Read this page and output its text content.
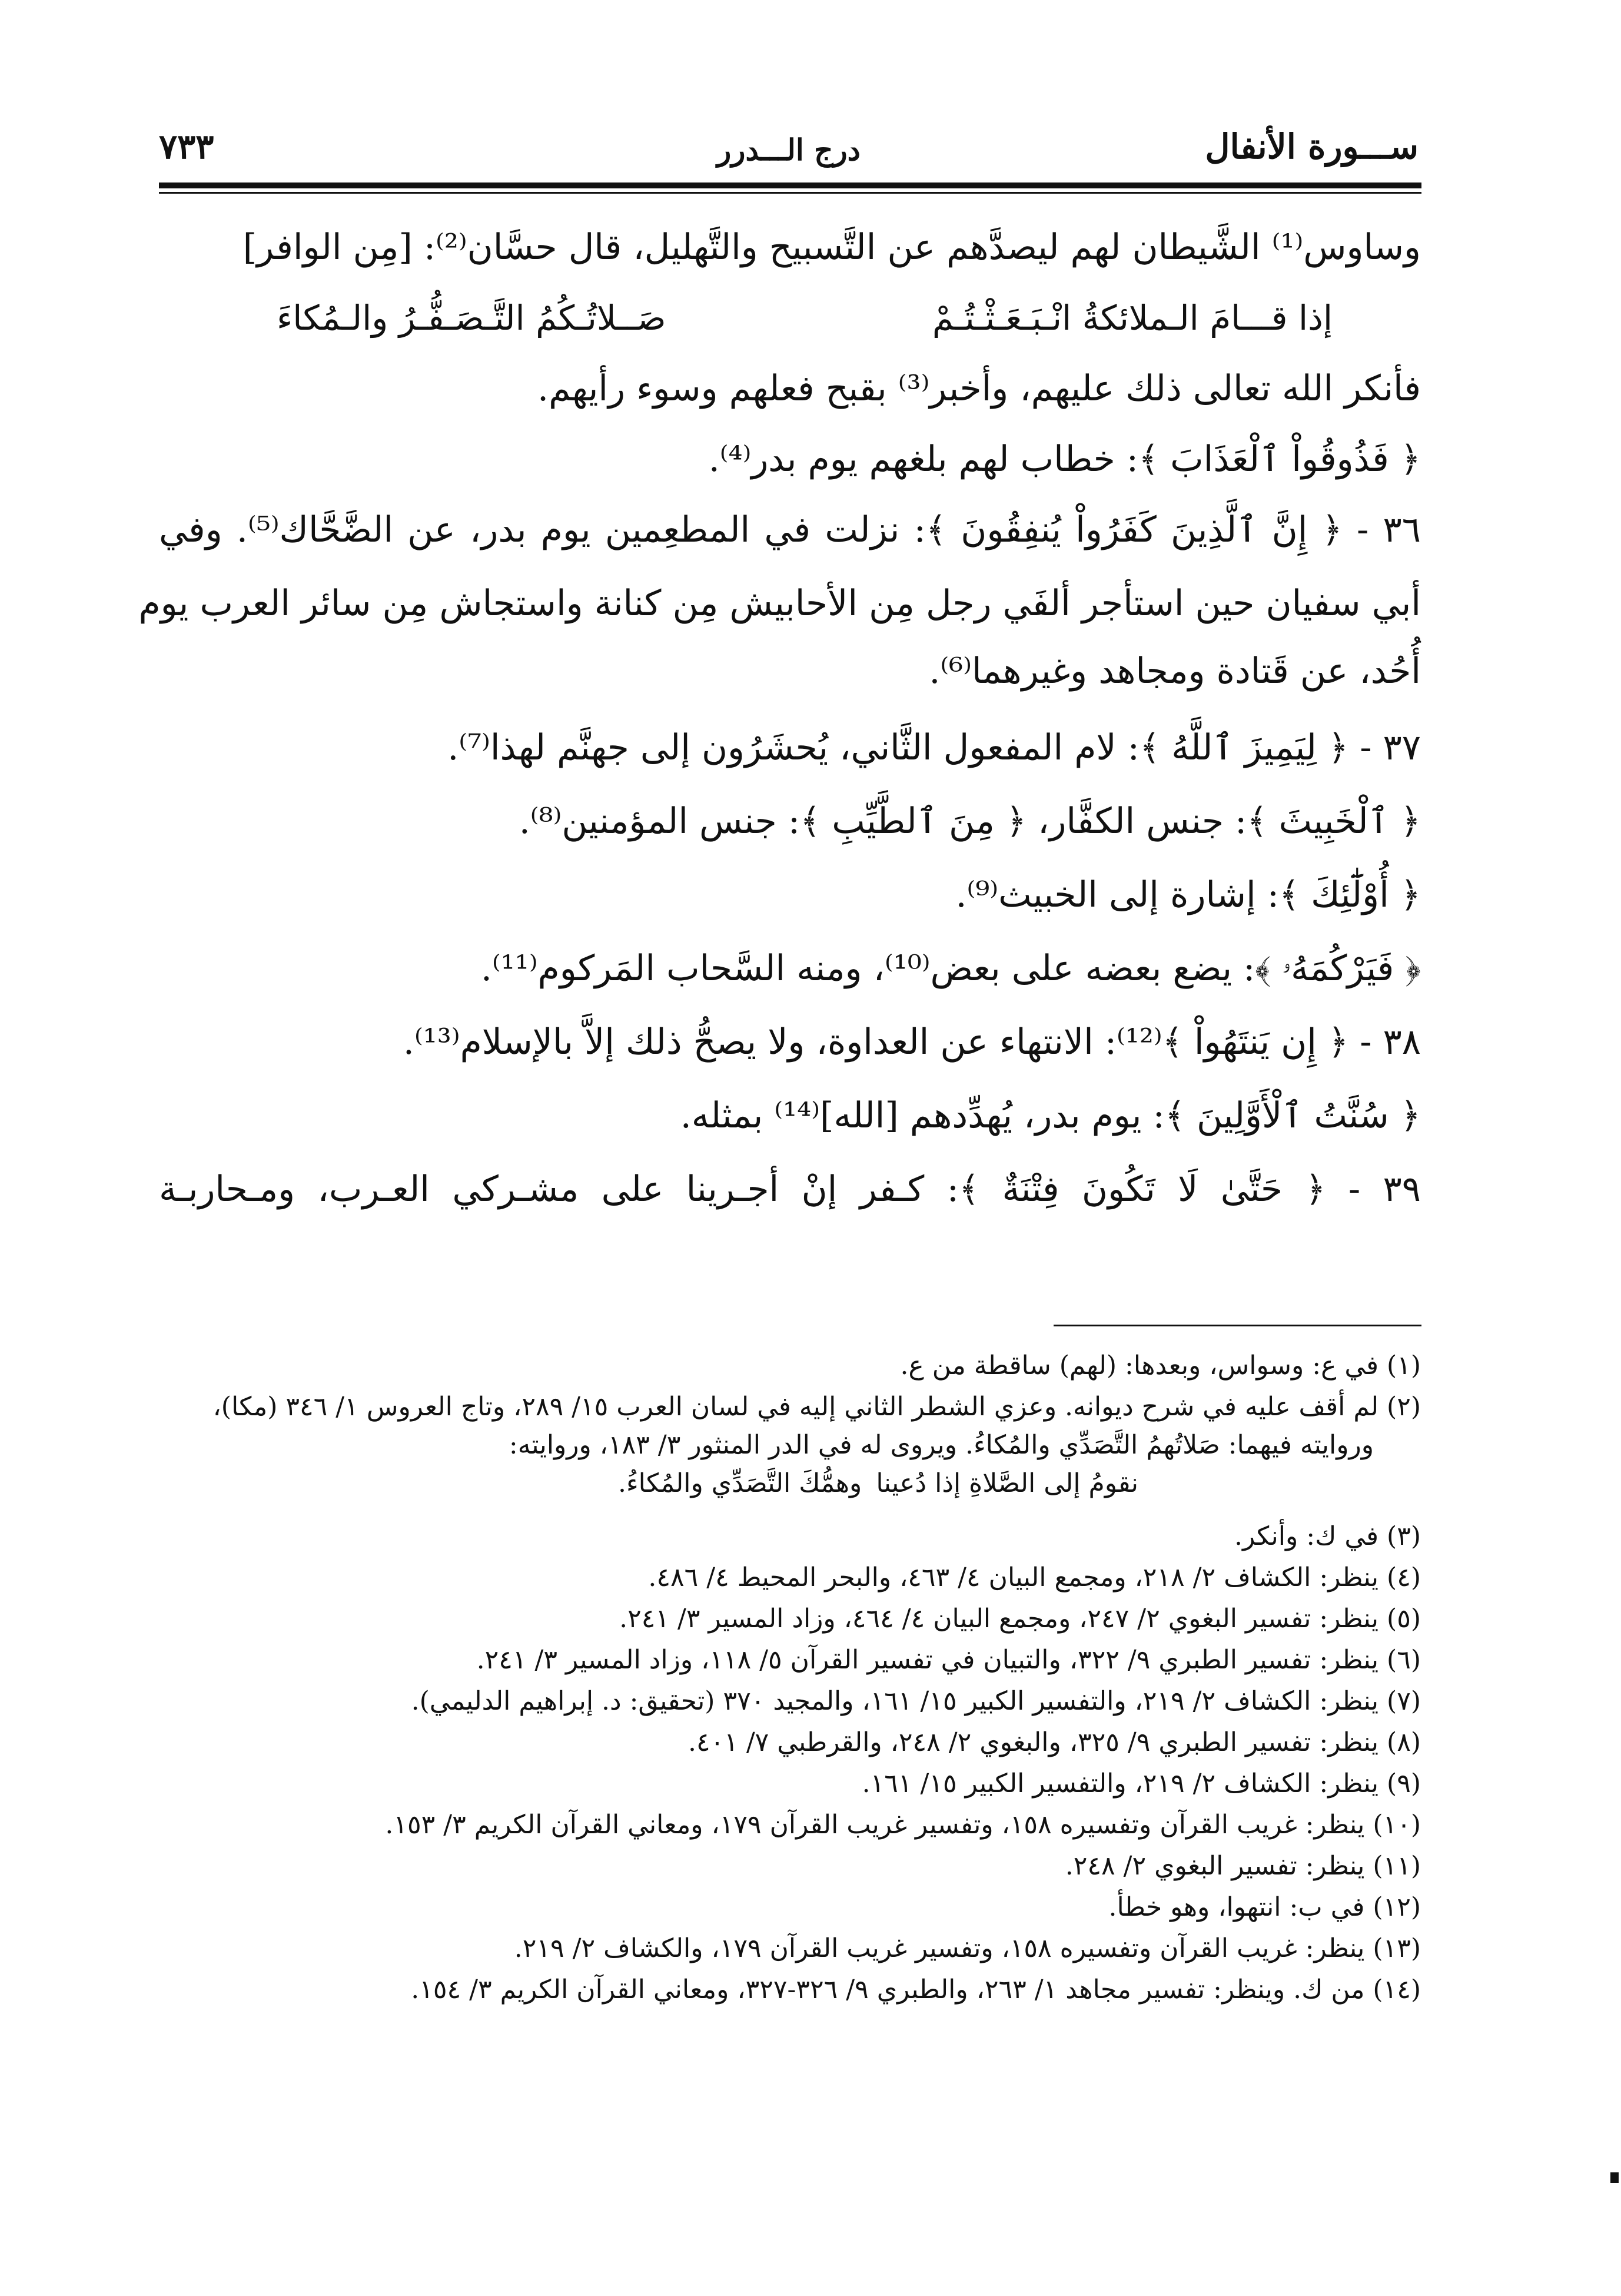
ســـورة الأنفال
درج الـــدرر
٧٣٣
وساوس⁽¹⁾ الشَّيطان لهم ليصدَّهم عن التَّسبيح والتَّهليل، قال حسَّان⁽²⁾: [مِن الوافر]
إذا قـــامَ الـملائكةُ انْـبَـعَـثْـتُـمْ
صَــلاتُـكُمُ التَّـصَـفُّـرُ والـمُكاءَ
فأنكر الله تعالى ذلك عليهم، وأخبر⁽³⁾ بقبح فعلهم وسوء رأيهم.
﴿ فَذُوقُواْ ٱلْعَذَابَ ﴾: خطاب لهم بلغهم يوم بدر⁽⁴⁾.
٣٦ - ﴿ إِنَّ ٱلَّذِينَ كَفَرُواْ يُنفِقُونَ ﴾: نزلت في المطعِمين يوم بدر، عن الضَّحَّاك⁽⁵⁾. وفي
أبي سفيان حين استأجر ألفَي رجل مِن الأحابيش مِن كنانة واستجاش مِن سائر العرب يوم
أُحُد، عن قَتادة ومجاهد وغيرهما⁽⁶⁾.
٣٧ - ﴿ لِيَمِيزَ ٱللَّهُ ﴾: لام المفعول الثَّاني، يُحشَرُون إلى جهنَّم لهذا⁽⁷⁾.
﴿ ٱلْخَبِيثَ ﴾: جنس الكفَّار، ﴿ مِنَ ٱلطَّيِّبِ ﴾: جنس المؤمنين⁽⁸⁾.
﴿ أُوْلَٰٓئِكَ ﴾: إشارة إلى الخبيث⁽⁹⁾.
﴿ فَيَرْكُمَهُۥ ﴾: يضع بعضه على بعض⁽¹⁰⁾، ومنه السَّحاب المَركوم⁽¹¹⁾.
٣٨ - ﴿ إِن يَنتَهُواْ ﴾⁽¹²⁾: الانتهاء عن العداوة، ولا يصحُّ ذلك إلاَّ بالإسلام⁽¹³⁾.
﴿ سُنَّتُ ٱلْأَوَّلِينَ ﴾: يوم بدر، يُهدِّدهم [الله]⁽¹⁴⁾ بمثله.
٣٩ - ﴿ حَتَّىٰ لَا تَكُونَ فِتْنَةٌ ﴾: كـفر إنْ أجـرينا على مشـركي العـرب، ومـحاربـة
(١) في ع: وسواس، وبعدها: (لهم) ساقطة من ع.
(٢) لم أقف عليه في شرح ديوانه. وعزي الشطر الثاني إليه في لسان العرب ١٥/ ٢٨٩، وتاج العروس ١/ ٣٤٦ (مكا)،
وروايته فيهما: صَلاتُهمُ التَّصَدِّي والمُكاءُ. ويروى له في الدر المنثور ٣/ ١٨٣، وروايته:
نقومُ إلى الصَّلاةِ إذا دُعينا
وهمُّكَ التَّصَدِّي والمُكاءُ.
(٣) في ك: وأنكر.
(٤) ينظر: الكشاف ٢/ ٢١٨، ومجمع البيان ٤/ ٤٦٣، والبحر المحيط ٤/ ٤٨٦.
(٥) ينظر: تفسير البغوي ٢/ ٢٤٧، ومجمع البيان ٤/ ٤٦٤، وزاد المسير ٣/ ٢٤١.
(٦) ينظر: تفسير الطبري ٩/ ٣٢٢، والتبيان في تفسير القرآن ٥/ ١١٨، وزاد المسير ٣/ ٢٤١.
(٧) ينظر: الكشاف ٢/ ٢١٩، والتفسير الكبير ١٥/ ١٦١، والمجيد ٣٧٠ (تحقيق: د. إبراهيم الدليمي).
(٨) ينظر: تفسير الطبري ٩/ ٣٢٥، والبغوي ٢/ ٢٤٨، والقرطبي ٧/ ٤٠١.
(٩) ينظر: الكشاف ٢/ ٢١٩، والتفسير الكبير ١٥/ ١٦١.
(١٠) ينظر: غريب القرآن وتفسيره ١٥٨، وتفسير غريب القرآن ١٧٩، ومعاني القرآن الكريم ٣/ ١٥٣.
(١١) ينظر: تفسير البغوي ٢/ ٢٤٨.
(١٢) في ب: انتهوا، وهو خطأ.
(١٣) ينظر: غريب القرآن وتفسيره ١٥٨، وتفسير غريب القرآن ١٧٩، والكشاف ٢/ ٢١٩.
(١٤) من ك. وينظر: تفسير مجاهد ١/ ٢٦٣، والطبري ٩/ ٣٢٦-٣٢٧، ومعاني القرآن الكريم ٣/ ١٥٤.
